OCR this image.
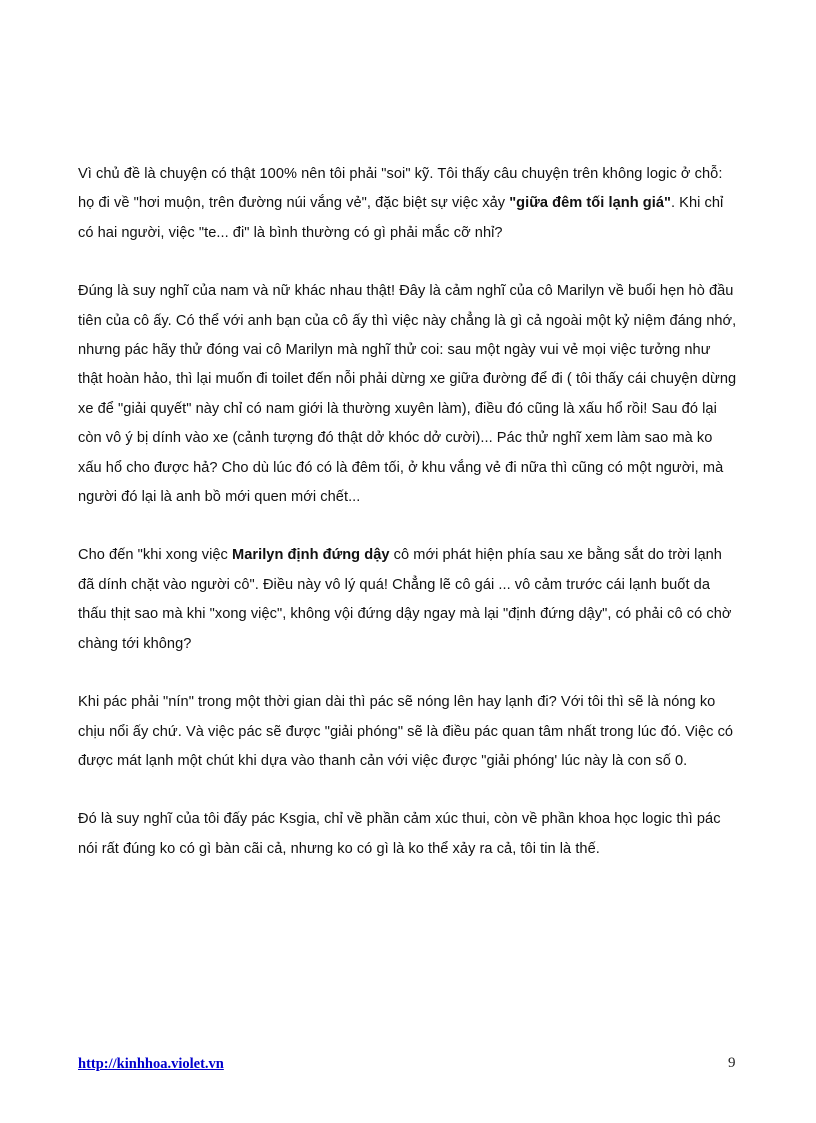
Vì chủ đề là chuyện có thật 100% nên tôi phải "soi" kỹ. Tôi thấy câu chuyện trên không logic ở chỗ: họ đi về "hơi muộn, trên đường núi vắng vẻ", đặc biệt sự việc xảy "giữa đêm tối lạnh giá". Khi chỉ có hai người, việc "te... đi" là bình thường có gì phải mắc cỡ nhỉ?

Đúng là suy nghĩ của nam và nữ khác nhau thật! Đây là cảm nghĩ của cô Marilyn về buổi hẹn hò đầu tiên của cô ấy. Có thể với anh bạn của cô ấy thì việc này chẳng là gì cả ngoài một kỷ niệm đáng nhớ, nhưng pác hãy thử đóng vai cô Marilyn mà nghĩ thử coi: sau một ngày vui vẻ mọi việc tưởng như thật hoàn hảo, thì lại muốn đi toilet đến nỗi phải dừng xe giữa đường để đi ( tôi thấy cái chuyện dừng xe để "giải quyết" này chỉ có nam giới là thường xuyên làm), điều đó cũng là xấu hổ rồi! Sau đó lại còn vô ý bị dính vào xe (cảnh tượng đó thật dở khóc dở cười)... Pác thử nghĩ xem làm sao mà ko xấu hổ cho được hả? Cho dù lúc đó có là đêm tối, ở khu vắng vẻ đi nữa thì cũng có một người, mà người đó lại là anh bồ mới quen mới chết...

Cho đến "khi xong việc Marilyn định đứng dậy cô mới phát hiện phía sau xe bằng sắt do trời lạnh đã dính chặt vào người cô". Điều này vô lý quá! Chẳng lẽ cô gái ... vô cảm trước cái lạnh buốt da thấu thịt sao mà khi "xong việc", không vội đứng dậy ngay mà lại "định đứng dậy", có phải cô có chờ chàng tới không?

Khi pác phải "nín" trong một thời gian dài thì pác sẽ nóng lên hay lạnh đi? Với tôi thì sẽ là nóng ko chịu nổi ấy chứ. Và việc pác sẽ được "giải phóng" sẽ là điều pác quan tâm nhất trong lúc đó. Việc có được mát lạnh một chút khi dựa vào thanh cản với việc được "giải phóng' lúc này là con số 0.

Đó là suy nghĩ của tôi đấy pác Ksgia, chỉ về phần cảm xúc thui, còn về phần khoa học logic thì pác nói rất đúng ko có gì bàn cãi cả, nhưng ko có gì là ko thể xảy ra cả, tôi tin là thế.

http://kinhhoa.violet.vn	9
